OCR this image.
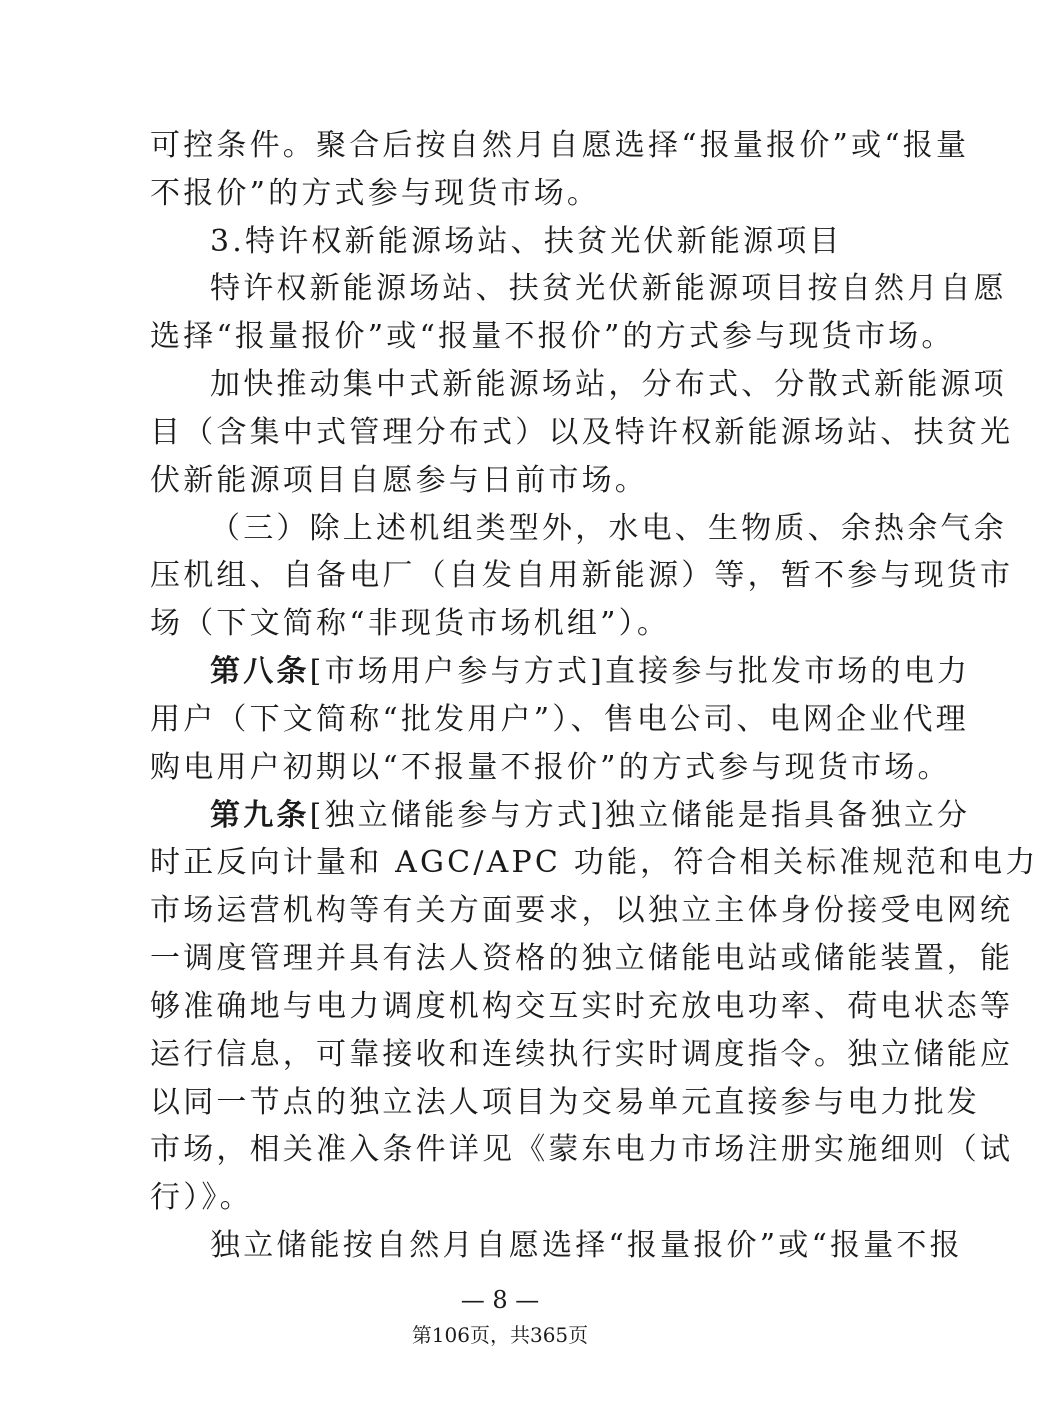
可控条件。聚合后按自然月自愿选择“报量报价”或“报量
不报价”的方式参与现货市场。
3.特许权新能源场站、扶贫光伏新能源项目
特许权新能源场站、扶贫光伏新能源项目按自然月自愿
选择“报量报价”或“报量不报价”的方式参与现货市场。
加快推动集中式新能源场站，分布式、分散式新能源项
目（含集中式管理分布式）以及特许权新能源场站、扶贫光
伏新能源项目自愿参与日前市场。
（三）除上述机组类型外，水电、生物质、余热余气余
压机组、自备电厂（自发自用新能源）等，暂不参与现货市
场（下文简称“非现货市场机组”）。
第八条[市场用户参与方式]直接参与批发市场的电力
用户（下文简称“批发用户”）、售电公司、电网企业代理
购电用户初期以“不报量不报价”的方式参与现货市场。
第九条[独立储能参与方式]独立储能是指具备独立分
时正反向计量和 AGC/APC 功能，符合相关标准规范和电力
市场运营机构等有关方面要求，以独立主体身份接受电网统
一调度管理并具有法人资格的独立储能电站或储能装置，能
够准确地与电力调度机构交互实时充放电功率、荷电状态等
运行信息，可靠接收和连续执行实时调度指令。独立储能应
以同一节点的独立法人项目为交易单元直接参与电力批发
市场，相关准入条件详见《蒙东电力市场注册实施细则（试
行）》。
— 8 —
第106页，共365页
独立储能按自然月自愿选择“报量报价”或“报量不报
